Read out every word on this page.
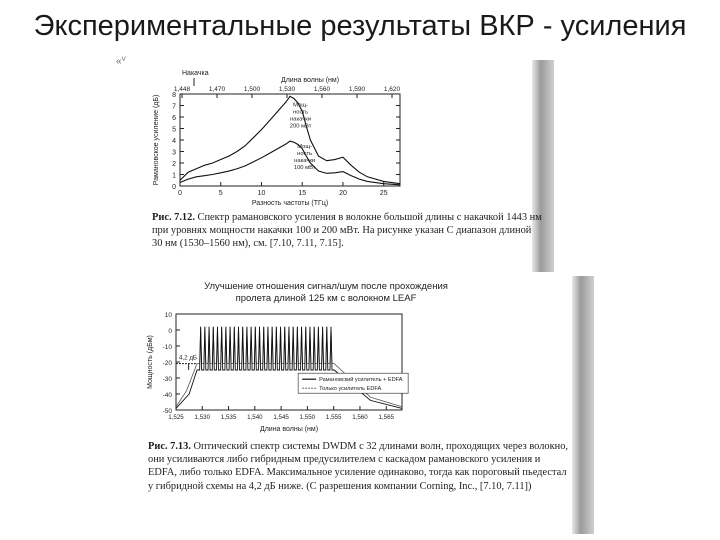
Экспериментальные результаты ВКР - усиления
«ⱽ
0
1
2
3
4
5
6
7
8
0	5	10	15	20	25
Разность частоты (ТГц)
Рамановское усиление (дБ)
1,448	1,470	1,500	1,530	1,560	1,590	1,620
Длина волны (нм)
Накачка
Мощ-
ность
накачки
200 мВт
Мощ-
ность
накачки
100 мВт
Рис. 7.12. Спектр рамановского усиления в волокне большой длины с накачкой 1443 нм при уровнях мощности накачки 100 и 200 мВт. На рисунке указан С диапазон длиной 30 нм (1530–1560 нм), см. [7.10, 7.11, 7.15].
Улучшение отношения сигнал/шум после прохождения
пролета длиной 125 км с волокном LEAF
10
0
-10
-20
-30
-40
-50
1,525 1,530 1,535 1,540 1,545 1,550 1,555 1,560 1,565
Длина волны (нм)
Мощность (дБм)	4,2 дБ
Рамановский усилитель + EDFA
Только усилитель EDFA
Рис. 7.13. Оптический спектр системы DWDM с 32 длинами волн, проходящих через волокно, они усиливаются либо гибридным предусилителем с каскадом рамановского усиления и EDFA, либо только EDFA. Максимальное усиление одинаково, тогда как пороговый пьедестал у гибридной схемы на 4,2 дБ ниже. (С разрешения компании Corning, Inc., [7.10, 7.11])
